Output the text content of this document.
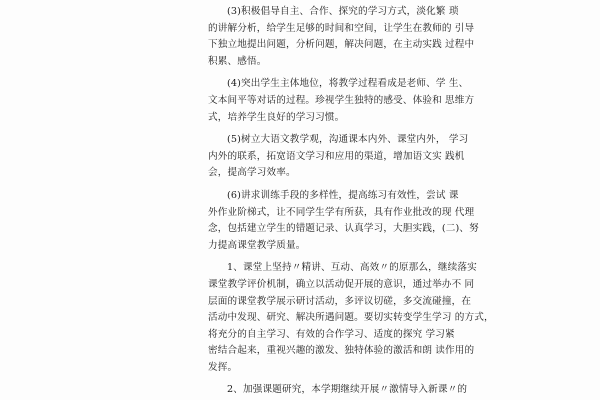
(3)积极倡导自主、合作、探究的学习方式，淡化繁 琐
的讲解分析，给学生足够的时间和空间，让学生在教师的 引导
下独立地提出问题，分析问题，解决问题，在主动实践 过程中
积累、感悟。

(4)突出学生主体地位，将教学过程看成是老师、学 生、
文本间平等对话的过程。珍视学生独特的感受、体验和 思维方
式，培养学生良好的学习习惯。

(5)树立大语文教学观，沟通课本内外、课堂内外， 学习
内外的联系，拓宽语文学习和应用的渠道，增加语文实 践机
会，提高学习效率。

(6)讲求训练手段的多样性，提高练习有效性，尝试 课
外作业阶梯式，让不同学生学有所获，具有作业批改的现 代理
念，包括建立学生的错题记录、认真学习，大胆实践，(二)、努
力提高课堂教学质量。

1、课堂上坚持〃精讲、互动、高效〃的原那么，继续落实
课堂教学评价机制，确立以活动促开展的意识，通过举办不 同
层面的课堂教学展示研讨活动，多评议切磋，多交流碰撞，在
活动中发现、研究、解决所遇问题。要切实转变学生学习 的方式，
将充分的自主学习、有效的合作学习、适度的探究 学习紧
密结合起来，重视兴趣的激发、独特体验的激活和朗 读作用的
发挥。

2、加强课题研究，本学期继续开展〃激情导入新课〃的
